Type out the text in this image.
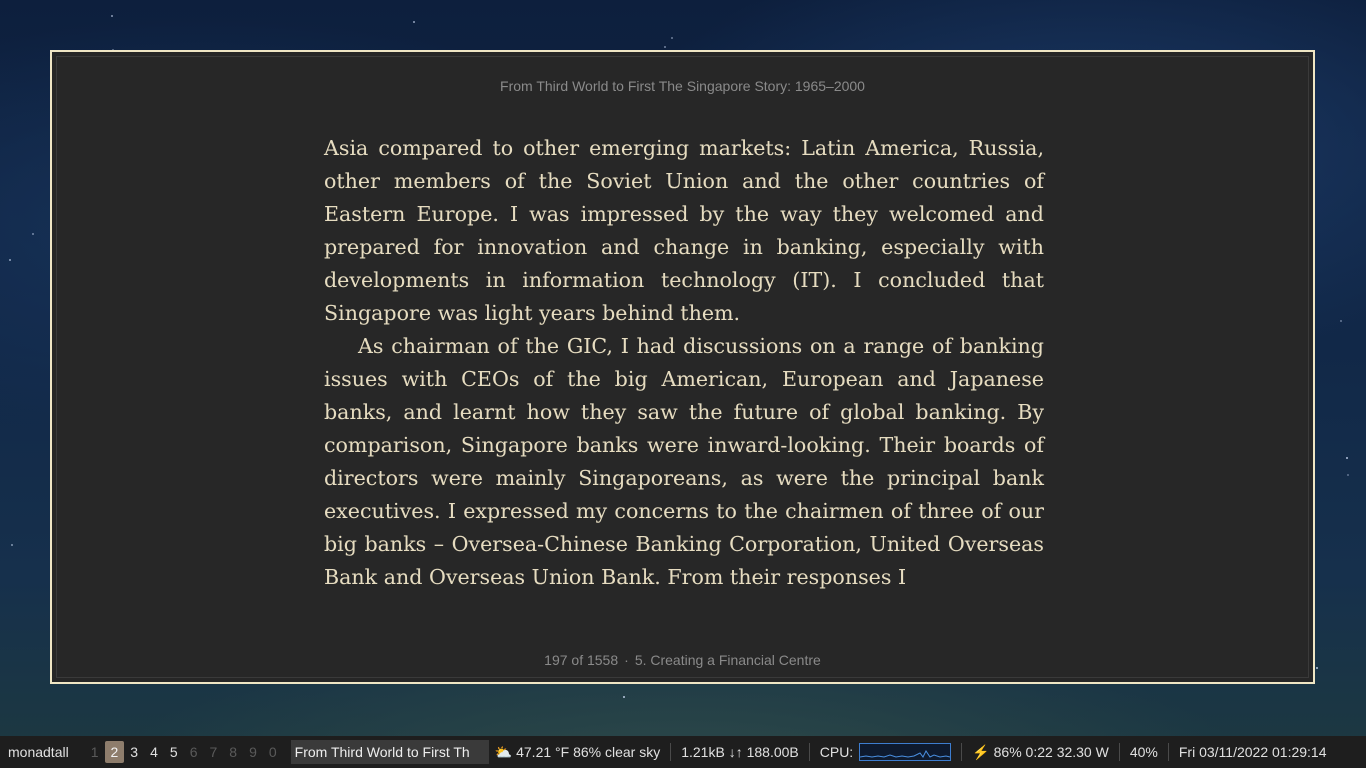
From Third World to First The Singapore Story: 1965–2000

Asia compared to other emerging markets: Latin America, Russia, other members of the Soviet Union and the other countries of Eastern Europe. I was impressed by the way they welcomed and prepared for innovation and change in banking, especially with developments in information technology (IT). I concluded that Singapore was light years behind them.

As chairman of the GIC, I had discussions on a range of banking issues with CEOs of the big American, European and Japanese banks, and learnt how they saw the future of global banking. By comparison, Singapore banks were inward-looking. Their boards of directors were mainly Singaporeans, as were the principal bank executives. I expressed my concerns to the chairmen of three of our big banks – Oversea-Chinese Banking Corporation, United Overseas Bank and Overseas Union Bank. From their responses I

197 of 1558 · 5. Creating a Financial Centre
monadtall	1 2 3 4 5 6 7 8 9 0	From Third World to First Th	⛅ 47.21 °F 86% clear sky	1.21kB ↓↑ 188.00B	CPU:	⚡ 86% 0:22 32.30 W	40%	Fri 03/11/2022 01:29:14
